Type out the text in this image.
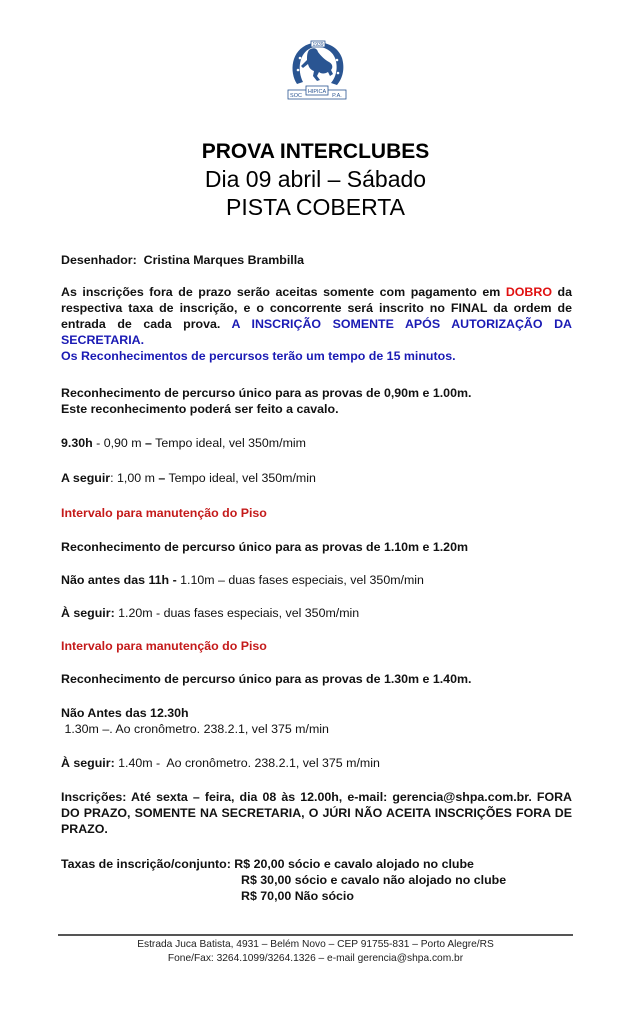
1939
SOC
HIPICA
P.A.
PROVA INTERCLUBES
Dia 09 abril – Sábado
PISTA COBERTA
Desenhador: Cristina Marques Brambilla
As inscrições fora de prazo serão aceitas somente com pagamento em DOBRO da respectiva taxa de inscrição, e o concorrente será inscrito no FINAL da ordem de entrada de cada prova. A INSCRIÇÃO SOMENTE APÓS AUTORIZAÇÃO DA SECRETARIA.
Os Reconhecimentos de percursos terão um tempo de 15 minutos.
Reconhecimento de percurso único para as provas de 0,90m e 1.00m.
Este reconhecimento poderá ser feito a cavalo.
9.30h - 0,90 m – Tempo ideal, vel 350m/mim
A seguir: 1,00 m – Tempo ideal, vel 350m/min
Intervalo para manutenção do Piso
Reconhecimento de percurso único para as provas de 1.10m e 1.20m
Não antes das 11h - 1.10m – duas fases especiais, vel 350m/min
À seguir: 1.20m - duas fases especiais, vel 350m/min
Intervalo para manutenção do Piso
Reconhecimento de percurso único para as provas de 1.30m e 1.40m.
Não Antes das 12.30h
1.30m –. Ao cronômetro. 238.2.1, vel 375 m/min
À seguir: 1.40m -  Ao cronômetro. 238.2.1, vel 375 m/min
Inscrições: Até sexta – feira, dia 08 às 12.00h, e-mail: gerencia@shpa.com.br. FORA DO PRAZO, SOMENTE NA SECRETARIA, O JÚRI NÃO ACEITA INSCRIÇÕES FORA DE PRAZO.
Taxas de inscrição/conjunto: R$ 20,00 sócio e cavalo alojado no clube
R$ 30,00 sócio e cavalo não alojado no clube
R$ 70,00 Não sócio
Estrada Juca Batista, 4931 – Belém Novo – CEP 91755-831 – Porto Alegre/RS
Fone/Fax: 3264.1099/3264.1326 – e-mail gerencia@shpa.com.br
